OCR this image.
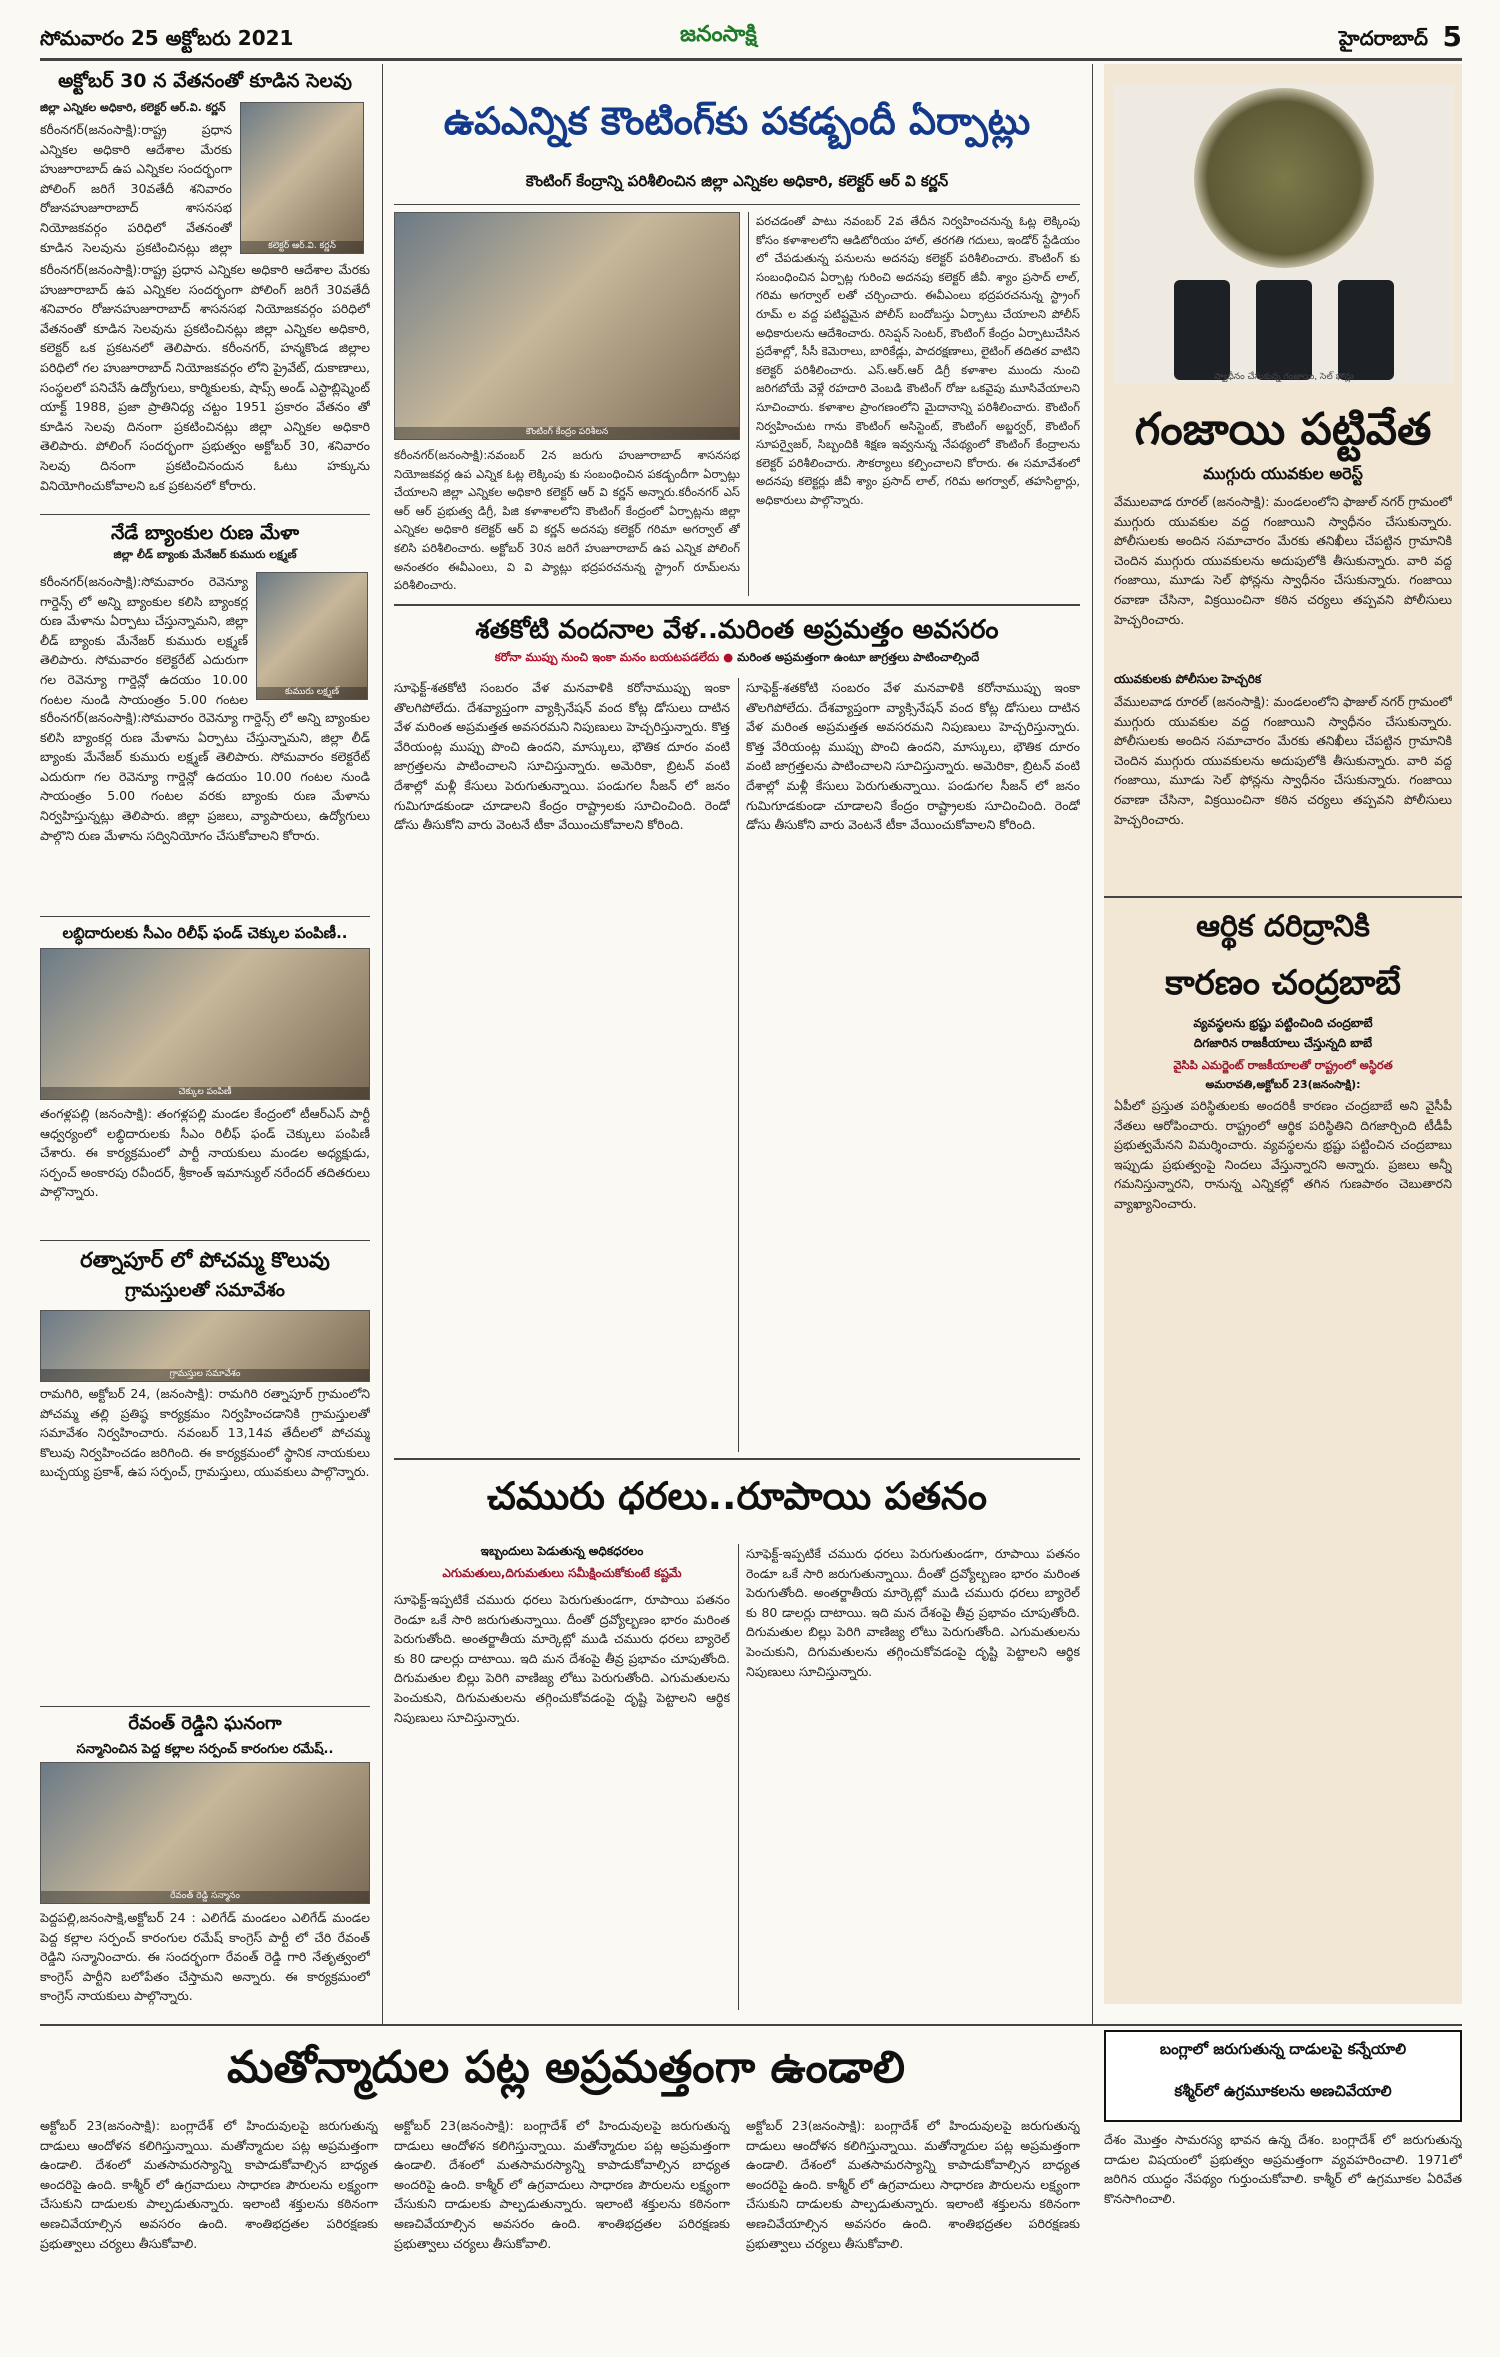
సోమవారం 25 అక్టోబరు 2021	జనంసాక్షి	హైదరాబాద్ 5
అక్టోబర్ 30 న వేతనంతో కూడిన సెలవు
జిల్లా ఎన్నికల అధికారి, కలెక్టర్ ఆర్.వి. కర్ణన్
కలెక్టర్ ఆర్.వి. కర్ణన్
కరీంనగర్(జనంసాక్షి):రాష్ట్ర ప్రధాన ఎన్నికల అధికారి ఆదేశాల మేరకు హుజూరాబాద్ ఉప ఎన్నికల సందర్భంగా పోలింగ్ జరిగే 30వతేదీ శనివారం రోజునహుజూరాబాద్ శాసనసభ నియోజకవర్గం పరిధిలో వేతనంతో కూడిన సెలవును ప్రకటించినట్లు జిల్లా
కరీంనగర్(జనంసాక్షి):రాష్ట్ర ప్రధాన ఎన్నికల అధికారి ఆదేశాల మేరకు హుజూరాబాద్ ఉప ఎన్నికల సందర్భంగా పోలింగ్ జరిగే 30వతేదీ శనివారం రోజునహుజూరాబాద్ శాసనసభ నియోజకవర్గం పరిధిలో వేతనంతో కూడిన సెలవును ప్రకటించినట్లు జిల్లా ఎన్నికల అధికారి, కలెక్టర్ ఒక ప్రకటనలో తెలిపారు. కరీంనగర్, హన్మకొండ జిల్లాల పరిధిలో గల హుజూరాబాద్ నియోజకవర్గం లోని ప్రైవేట్, దుకాణాలు, సంస్థలలో పనిచేసే ఉద్యోగులు, కార్మికులకు, షాప్స్ అండ్ ఎస్టాబ్లిష్మెంట్ యాక్ట్ 1988, ప్రజా ప్రాతినిధ్య చట్టం 1951 ప్రకారం వేతనం తో కూడిన సెలవు దినంగా ప్రకటించినట్లు జిల్లా ఎన్నికల అధికారి తెలిపారు. పోలింగ్ సందర్భంగా ప్రభుత్వం అక్టోబర్ 30, శనివారం సెలవు దినంగా ప్రకటించినందున ఓటు హక్కును వినియోగించుకోవాలని ఒక ప్రకటనలో కోరారు.
నేడే బ్యాంకుల రుణ మేళా
జిల్లా లీడ్ బ్యాంకు మేనేజర్ కుమురు లక్ష్మణ్
కుమురు లక్ష్మణ్
కరీంనగర్(జనంసాక్షి):సోమవారం రెవెన్యూ గార్డెన్స్ లో అన్ని బ్యాంకుల కలిసి బ్యాంకర్ల రుణ మేళాను ఏర్పాటు చేస్తున్నామని, జిల్లా లీడ్ బ్యాంకు మేనేజర్ కుమురు లక్ష్మణ్ తెలిపారు. సోమవారం కలెక్టరేట్ ఎదురుగా గల రెవెన్యూ గార్డెన్లో ఉదయం 10.00 గంటల నుండి సాయంత్రం 5.00 గంటల
కరీంనగర్(జనంసాక్షి):సోమవారం రెవెన్యూ గార్డెన్స్ లో అన్ని బ్యాంకుల కలిసి బ్యాంకర్ల రుణ మేళాను ఏర్పాటు చేస్తున్నామని, జిల్లా లీడ్ బ్యాంకు మేనేజర్ కుమురు లక్ష్మణ్ తెలిపారు. సోమవారం కలెక్టరేట్ ఎదురుగా గల రెవెన్యూ గార్డెన్లో ఉదయం 10.00 గంటల నుండి సాయంత్రం 5.00 గంటల వరకు బ్యాంకు రుణ మేళాను నిర్వహిస్తున్నట్లు తెలిపారు. జిల్లా ప్రజలు, వ్యాపారులు, ఉద్యోగులు పాల్గొని రుణ మేళాను సద్వినియోగం చేసుకోవాలని కోరారు.
లబ్ధిదారులకు సీఎం రిలీఫ్ ఫండ్ చెక్కుల పంపిణీ..
చెక్కుల పంపిణీ
తంగళ్లపల్లి (జనంసాక్షి): తంగళ్లపల్లి మండల కేంద్రంలో టీఆర్ఎస్ పార్టీ ఆధ్వర్యంలో లబ్ధిదారులకు సీఎం రిలీఫ్ ఫండ్ చెక్కులు పంపిణీ చేశారు. ఈ కార్యక్రమంలో పార్టీ నాయకులు మండల అధ్యక్షుడు, సర్పంచ్ అంకారపు రవీందర్, శ్రీకాంత్ ఇమాన్యుల్ నరేందర్ తదితరులు పాల్గొన్నారు.
రత్నాపూర్ లో పోచమ్మ కొలువు
గ్రామస్తులతో సమావేశం
గ్రామస్తుల సమావేశం
రామగిరి, అక్టోబర్ 24, (జనంసాక్షి): రామగిరి రత్నాపూర్ గ్రామంలోని పోచమ్మ తల్లి ప్రతిష్ఠ కార్యక్రమం నిర్వహించడానికి గ్రామస్తులతో సమావేశం నిర్వహించారు. నవంబర్ 13,14వ తేదీలలో పోచమ్మ కొలువు నిర్వహించడం జరిగింది. ఈ కార్యక్రమంలో స్థానిక నాయకులు బుచ్చయ్య ప్రకాశ్, ఉప సర్పంచ్, గ్రామస్తులు, యువకులు పాల్గొన్నారు.
రేవంత్ రెడ్డిని ఘనంగా
సన్మానించిన పెద్ద కల్లాల సర్పంచ్ కారంగుల రమేష్..
రేవంత్ రెడ్డి సన్మానం
పెద్దపల్లి,జనంసాక్షి,అక్టోబర్ 24 : ఎలిగేడ్ మండలం ఎలిగేడ్ మండల పెద్ద కల్లాల సర్పంచ్ కారంగుల రమేష్ కాంగ్రెస్ పార్టీ లో చేరి రేవంత్ రెడ్డిని సన్మానించారు. ఈ సందర్భంగా రేవంత్ రెడ్డి గారి నేతృత్వంలో కాంగ్రెస్ పార్టీని బలోపేతం చేస్తామని అన్నారు. ఈ కార్యక్రమంలో కాంగ్రెస్ నాయకులు పాల్గొన్నారు.
ఉపఎన్నిక కౌంటింగ్‌కు పకడ్బందీ ఏర్పాట్లు
కౌంటింగ్ కేంద్రాన్ని పరిశీలించిన జిల్లా ఎన్నికల అధికారి, కలెక్టర్ ఆర్ వి కర్ణన్
కౌంటింగ్ కేంద్రం పరిశీలన
కరీంనగర్(జనంసాక్షి):నవంబర్ 2న జరుగు హుజూరాబాద్ శాసనసభ నియోజకవర్గ ఉప ఎన్నిక ఓట్ల లెక్కింపు కు సంబంధించిన పకడ్బందీగా ఏర్పాట్లు చేయాలని జిల్లా ఎన్నికల అధికారి కలెక్టర్ ఆర్ వి కర్ణన్ అన్నారు.కరీంనగర్ ఎస్ ఆర్ ఆర్ ప్రభుత్వ డిగ్రీ, పిజి కళాశాలలోని కౌంటింగ్ కేంద్రంలో ఏర్పాట్లను జిల్లా ఎన్నికల అధికారి కలెక్టర్ ఆర్ వి కర్ణన్ అదనపు కలెక్టర్ గరిమా అగర్వాల్ తో కలిసి పరిశీలించారు. అక్టోబర్ 30న జరిగే హుజూరాబాద్ ఉప ఎన్నిక పోలింగ్ అనంతరం ఈవీఎంలు, వి వి ప్యాట్లు భద్రపరచనున్న స్ట్రాంగ్ రూమ్‌లను పరిశీలించారు.
పరచడంతో పాటు నవంబర్ 2వ తేదీన నిర్వహించనున్న ఓట్ల లెక్కింపు కోసం కళాశాలలోని ఆడిటోరియం హాల్, తరగతి గదులు, ఇండోర్ స్టేడియం లో చేపడుతున్న పనులను అదనపు కలెక్టర్ పరిశీలించారు. కౌంటింగ్ కు సంబంధించిన ఏర్పాట్ల గురించి అదనపు కలెక్టర్ జీవీ. శ్యాం ప్రసాద్ లాల్, గరిమ అగర్వాల్ లతో చర్చించారు. ఈవీఎంలు భద్రపరచనున్న స్ట్రాంగ్ రూమ్ ల వద్ద పటిష్టమైన పోలీస్ బందోబస్తు ఏర్పాటు చేయాలని పోలీస్ అధికారులను ఆదేశించారు. రిసెప్షన్ సెంటర్, కౌంటింగ్ కేంద్రం ఏర్పాటుచేసిన ప్రదేశాల్లో, సీసీ కెమెరాలు, బారికేడ్లు, పాదరక్షణాలు, లైటింగ్ తదితర వాటిని కలెక్టర్ పరిశీలించారు. ఎస్.ఆర్.ఆర్ డిగ్రీ కళాశాల ముందు నుంచి జరిగబోయే వెళ్లే రహదారి వెంబడి కౌంటింగ్ రోజు ఒకవైపు మూసివేయాలని సూచించారు. కళాశాల ప్రాంగణంలోని మైదానాన్ని పరిశీలించారు. కౌంటింగ్ నిర్వహించుట గాను కౌంటింగ్ అసిస్టెంట్, కౌంటింగ్ అబ్జర్వర్, కౌంటింగ్ సూపర్వైజర్, సిబ్బందికి శిక్షణ ఇవ్వనున్న నేపథ్యంలో కౌంటింగ్ కేంద్రాలను కలెక్టర్ పరిశీలించారు. సౌకర్యాలు కల్పించాలని కోరారు. ఈ సమావేశంలో అదనపు కలెక్టర్లు జీవీ శ్యాం ప్రసాద్ లాల్, గరిమ అగర్వాల్, తహసిల్దార్లు, అధికారులు పాల్గొన్నారు.
శతకోటి వందనాల వేళ..మరింత అప్రమత్తం అవసరం
కరోనా ముప్పు నుంచి ఇంకా మనం బయటపడలేదు ● మరింత అప్రమత్తంగా ఉంటూ జాగ్రత్తలు పాటించాల్సిందే
సూఫెక్ట్-శతకోటి సంబరం వేళ మనవాళికి కరోనాముప్పు ఇంకా తొలగిపోలేదు. దేశవ్యాప్తంగా వ్యాక్సినేషన్ వంద కోట్ల డోసులు దాటిన వేళ మరింత అప్రమత్తత అవసరమని నిపుణులు హెచ్చరిస్తున్నారు. కొత్త వేరియంట్ల ముప్పు పొంచి ఉందని, మాస్కులు, భౌతిక దూరం వంటి జాగ్రత్తలను పాటించాలని సూచిస్తున్నారు. అమెరికా, బ్రిటన్ వంటి దేశాల్లో మళ్లీ కేసులు పెరుగుతున్నాయి. పండుగల సీజన్ లో జనం గుమిగూడకుండా చూడాలని కేంద్రం రాష్ట్రాలకు సూచించింది. రెండో డోసు తీసుకోని వారు వెంటనే టీకా వేయించుకోవాలని కోరింది.
సూఫెక్ట్-శతకోటి సంబరం వేళ మనవాళికి కరోనాముప్పు ఇంకా తొలగిపోలేదు. దేశవ్యాప్తంగా వ్యాక్సినేషన్ వంద కోట్ల డోసులు దాటిన వేళ మరింత అప్రమత్తత అవసరమని నిపుణులు హెచ్చరిస్తున్నారు. కొత్త వేరియంట్ల ముప్పు పొంచి ఉందని, మాస్కులు, భౌతిక దూరం వంటి జాగ్రత్తలను పాటించాలని సూచిస్తున్నారు. అమెరికా, బ్రిటన్ వంటి దేశాల్లో మళ్లీ కేసులు పెరుగుతున్నాయి. పండుగల సీజన్ లో జనం గుమిగూడకుండా చూడాలని కేంద్రం రాష్ట్రాలకు సూచించింది. రెండో డోసు తీసుకోని వారు వెంటనే టీకా వేయించుకోవాలని కోరింది.
చమురు ధరలు..రూపాయి పతనం
ఇబ్బందులు పెడుతున్న అధికధరలం
ఎగుమతులు,దిగుమతులు సమీక్షించుకోకుంటే కష్టమే
సూఫెక్ట్-ఇప్పటికే చమురు ధరలు పెరుగుతుండగా, రూపాయి పతనం రెండూ ఒకే సారి జరుగుతున్నాయి. దీంతో ద్రవ్యోల్బణం భారం మరింత పెరుగుతోంది. అంతర్జాతీయ మార్కెట్లో ముడి చమురు ధరలు బ్యారెల్ కు 80 డాలర్లు దాటాయి. ఇది మన దేశంపై తీవ్ర ప్రభావం చూపుతోంది. దిగుమతుల బిల్లు పెరిగి వాణిజ్య లోటు పెరుగుతోంది. ఎగుమతులను పెంచుకుని, దిగుమతులను తగ్గించుకోవడంపై దృష్టి పెట్టాలని ఆర్థిక నిపుణులు సూచిస్తున్నారు.
సూఫెక్ట్-ఇప్పటికే చమురు ధరలు పెరుగుతుండగా, రూపాయి పతనం రెండూ ఒకే సారి జరుగుతున్నాయి. దీంతో ద్రవ్యోల్బణం భారం మరింత పెరుగుతోంది. అంతర్జాతీయ మార్కెట్లో ముడి చమురు ధరలు బ్యారెల్ కు 80 డాలర్లు దాటాయి. ఇది మన దేశంపై తీవ్ర ప్రభావం చూపుతోంది. దిగుమతుల బిల్లు పెరిగి వాణిజ్య లోటు పెరుగుతోంది. ఎగుమతులను పెంచుకుని, దిగుమతులను తగ్గించుకోవడంపై దృష్టి పెట్టాలని ఆర్థిక నిపుణులు సూచిస్తున్నారు.
స్వాధీనం చేసుకున్న గంజాయి, సెల్ ఫోన్లు
గంజాయి పట్టివేత
ముగ్గురు యువకుల అరెస్ట్
వేములవాడ రూరల్ (జనంసాక్షి): మండలంలోని ఫాజుల్ నగర్ గ్రామంలో ముగ్గురు యువకుల వద్ద గంజాయిని స్వాధీనం చేసుకున్నారు. పోలీసులకు అందిన సమాచారం మేరకు తనిఖీలు చేపట్టిన గ్రామానికి చెందిన ముగ్గురు యువకులను అదుపులోకి తీసుకున్నారు. వారి వద్ద గంజాయి, మూడు సెల్ ఫోన్లను స్వాధీనం చేసుకున్నారు. గంజాయి రవాణా చేసినా, విక్రయించినా కఠిన చర్యలు తప్పవని పోలీసులు హెచ్చరించారు.
యువకులకు పోలీసుల హెచ్చరిక
వేములవాడ రూరల్ (జనంసాక్షి): మండలంలోని ఫాజుల్ నగర్ గ్రామంలో ముగ్గురు యువకుల వద్ద గంజాయిని స్వాధీనం చేసుకున్నారు. పోలీసులకు అందిన సమాచారం మేరకు తనిఖీలు చేపట్టిన గ్రామానికి చెందిన ముగ్గురు యువకులను అదుపులోకి తీసుకున్నారు. వారి వద్ద గంజాయి, మూడు సెల్ ఫోన్లను స్వాధీనం చేసుకున్నారు. గంజాయి రవాణా చేసినా, విక్రయించినా కఠిన చర్యలు తప్పవని పోలీసులు హెచ్చరించారు.
ఆర్థిక దరిద్రానికి
కారణం చంద్రబాబే
వ్యవస్థలను భ్రష్టు పట్టించింది చంద్రబాబే
దిగజారిన రాజకీయాలు చేస్తున్నది బాబే
వైసిపి ఎమర్జెంట్ రాజకీయాలతో రాష్ట్రంలో అస్థిరత
అమరావతి,అక్టోబర్ 23(జనంసాక్షి):
ఏపీలో ప్రస్తుత పరిస్థితులకు అందరికీ కారణం చంద్రబాబే అని వైసీపీ నేతలు ఆరోపించారు. రాష్ట్రంలో ఆర్థిక పరిస్థితిని దిగజార్చింది టీడీపీ ప్రభుత్వమేనని విమర్శించారు. వ్యవస్థలను భ్రష్టు పట్టించిన చంద్రబాబు ఇప్పుడు ప్రభుత్వంపై నిందలు వేస్తున్నారని అన్నారు. ప్రజలు అన్నీ గమనిస్తున్నారని, రానున్న ఎన్నికల్లో తగిన గుణపాఠం చెబుతారని వ్యాఖ్యానించారు.
మతోన్మాదుల పట్ల అప్రమత్తంగా ఉండాలి	బంగ్లాలో జరుగుతున్న దాడులపై కన్నేయాలి
కశ్మీర్‌లో ఉగ్రమూకలను అణచివేయాలి
అక్టోబర్ 23(జనంసాక్షి): బంగ్లాదేశ్ లో హిందువులపై జరుగుతున్న దాడులు ఆందోళన కలిగిస్తున్నాయి. మతోన్మాదుల పట్ల అప్రమత్తంగా ఉండాలి. దేశంలో మతసామరస్యాన్ని కాపాడుకోవాల్సిన బాధ్యత అందరిపై ఉంది. కాశ్మీర్ లో ఉగ్రవాదులు సాధారణ పౌరులను లక్ష్యంగా చేసుకుని దాడులకు పాల్పడుతున్నారు. ఇలాంటి శక్తులను కఠినంగా అణచివేయాల్సిన అవసరం ఉంది. శాంతిభద్రతల పరిరక్షణకు ప్రభుత్వాలు చర్యలు తీసుకోవాలి.
అక్టోబర్ 23(జనంసాక్షి): బంగ్లాదేశ్ లో హిందువులపై జరుగుతున్న దాడులు ఆందోళన కలిగిస్తున్నాయి. మతోన్మాదుల పట్ల అప్రమత్తంగా ఉండాలి. దేశంలో మతసామరస్యాన్ని కాపాడుకోవాల్సిన బాధ్యత అందరిపై ఉంది. కాశ్మీర్ లో ఉగ్రవాదులు సాధారణ పౌరులను లక్ష్యంగా చేసుకుని దాడులకు పాల్పడుతున్నారు. ఇలాంటి శక్తులను కఠినంగా అణచివేయాల్సిన అవసరం ఉంది. శాంతిభద్రతల పరిరక్షణకు ప్రభుత్వాలు చర్యలు తీసుకోవాలి.
అక్టోబర్ 23(జనంసాక్షి): బంగ్లాదేశ్ లో హిందువులపై జరుగుతున్న దాడులు ఆందోళన కలిగిస్తున్నాయి. మతోన్మాదుల పట్ల అప్రమత్తంగా ఉండాలి. దేశంలో మతసామరస్యాన్ని కాపాడుకోవాల్సిన బాధ్యత అందరిపై ఉంది. కాశ్మీర్ లో ఉగ్రవాదులు సాధారణ పౌరులను లక్ష్యంగా చేసుకుని దాడులకు పాల్పడుతున్నారు. ఇలాంటి శక్తులను కఠినంగా అణచివేయాల్సిన అవసరం ఉంది. శాంతిభద్రతల పరిరక్షణకు ప్రభుత్వాలు చర్యలు తీసుకోవాలి.
దేశం మొత్తం సామరస్య భావన ఉన్న దేశం. బంగ్లాదేశ్ లో జరుగుతున్న దాడుల విషయంలో ప్రభుత్వం అప్రమత్తంగా వ్యవహరించాలి. 1971లో జరిగిన యుద్ధం నేపథ్యం గుర్తుంచుకోవాలి. కాశ్మీర్ లో ఉగ్రమూకల ఏరివేత కొనసాగించాలి.
